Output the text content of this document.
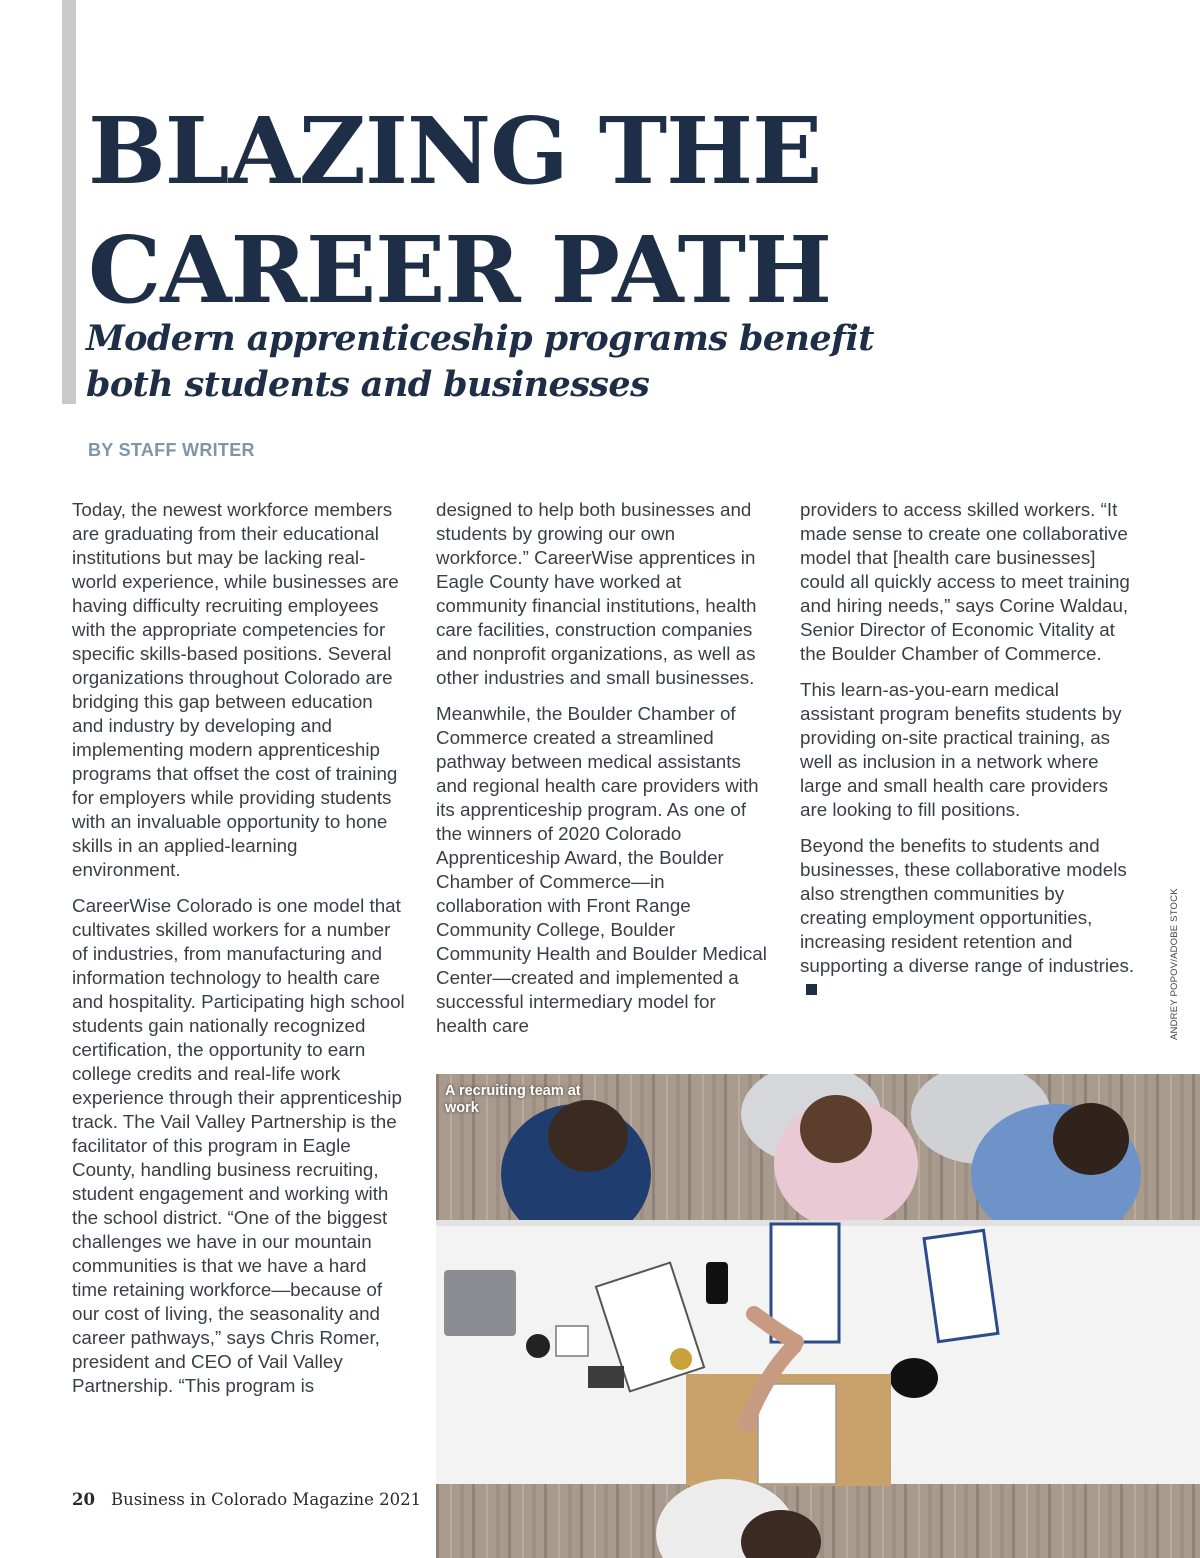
BLAZING THE
CAREER PATH
Modern apprenticeship programs benefit both students and businesses
BY STAFF WRITER

Today, the newest workforce members are graduating from their educational institutions but may be lacking real-world experience, while businesses are having difficulty recruiting employees with the appropriate competencies for specific skills-based positions. Several organizations throughout Colorado are bridging this gap between education and industry by developing and implementing modern apprenticeship programs that offset the cost of training for employers while providing students with an invaluable opportunity to hone skills in an applied-learning environment.

CareerWise Colorado is one model that cultivates skilled workers for a number of industries, from manufacturing and information technology to health care and hospitality. Participating high school students gain nationally recognized certification, the opportunity to earn college credits and real-life work experience through their apprenticeship track. The Vail Valley Partnership is the facilitator of this program in Eagle County, handling business recruiting, student engagement and working with the school district. “One of the biggest challenges we have in our mountain communities is that we have a hard time retaining workforce—because of our cost of living, the seasonality and career pathways,” says Chris Romer, president and CEO of Vail Valley Partnership. “This program is

designed to help both businesses and students by growing our own workforce.” CareerWise apprentices in Eagle County have worked at community financial institutions, health care facilities, construction companies and nonprofit organizations, as well as other industries and small businesses.

Meanwhile, the Boulder Chamber of Commerce created a streamlined pathway between medical assistants and regional health care providers with its apprenticeship program. As one of the winners of 2020 Colorado Apprenticeship Award, the Boulder Chamber of Commerce—in collaboration with Front Range Community College, Boulder Community Health and Boulder Medical Center—created and implemented a successful intermediary model for health care

providers to access skilled workers. “It made sense to create one collaborative model that [health care businesses] could all quickly access to meet training and hiring needs,” says Corine Waldau, Senior Director of Economic Vitality at the Boulder Chamber of Commerce.

This learn-as-you-earn medical assistant program benefits students by providing on-site practical training, as well as inclusion in a network where large and small health care providers are looking to fill positions.

Beyond the benefits to students and businesses, these collaborative models also strengthen communities by creating employment opportunities, increasing resident retention and supporting a diverse range of industries.	ANDREY POPOV/ADOBE STOCK
A recruiting team at work
20 Business in Colorado Magazine 2021
